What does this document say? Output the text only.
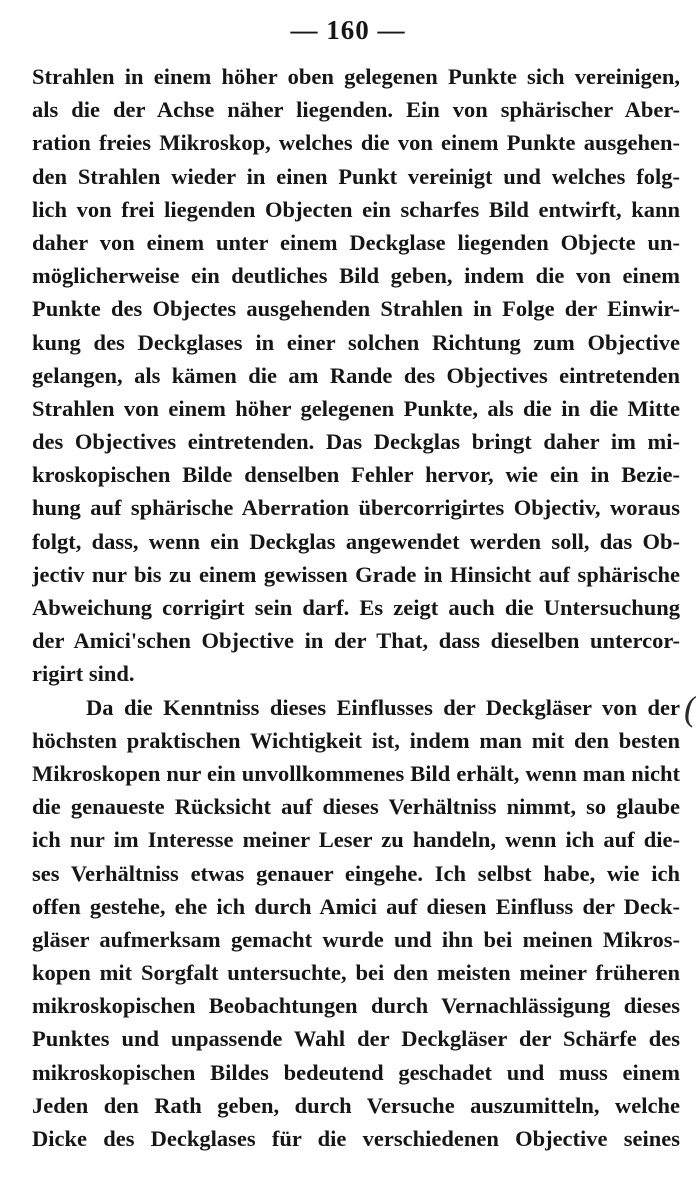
— 160 —
Strahlen in einem höher oben gelegenen Punkte sich vereinigen,
als die der Achse näher liegenden. Ein von sphärischer Aber-
ration freies Mikroskop, welches die von einem Punkte ausgehen-
den Strahlen wieder in einen Punkt vereinigt und welches folg-
lich von frei liegenden Objecten ein scharfes Bild entwirft, kann
daher von einem unter einem Deckglase liegenden Objecte un-
möglicherweise ein deutliches Bild geben, indem die von einem
Punkte des Objectes ausgehenden Strahlen in Folge der Einwir-
kung des Deckglases in einer solchen Richtung zum Objective
gelangen, als kämen die am Rande des Objectives eintretenden
Strahlen von einem höher gelegenen Punkte, als die in die Mitte
des Objectives eintretenden. Das Deckglas bringt daher im mi-
kroskopischen Bilde denselben Fehler hervor, wie ein in Bezie-
hung auf sphärische Aberration übercorrigirtes Objectiv, woraus
folgt, dass, wenn ein Deckglas angewendet werden soll, das Ob-
jectiv nur bis zu einem gewissen Grade in Hinsicht auf sphärische
Abweichung corrigirt sein darf. Es zeigt auch die Untersuchung
der Amici'schen Objective in der That, dass dieselben untercor-
rigirt sind.
Da die Kenntniss dieses Einflusses der Deckgläser von der
höchsten praktischen Wichtigkeit ist, indem man mit den besten
Mikroskopen nur ein unvollkommenes Bild erhält, wenn man nicht
die genaueste Rücksicht auf dieses Verhältniss nimmt, so glaube
ich nur im Interesse meiner Leser zu handeln, wenn ich auf die-
ses Verhältniss etwas genauer eingehe. Ich selbst habe, wie ich
offen gestehe, ehe ich durch Amici auf diesen Einfluss der Deck-
gläser aufmerksam gemacht wurde und ihn bei meinen Mikros-
kopen mit Sorgfalt untersuchte, bei den meisten meiner früheren
mikroskopischen Beobachtungen durch Vernachlässigung dieses
Punktes und unpassende Wahl der Deckgläser der Schärfe des
mikroskopischen Bildes bedeutend geschadet und muss einem
Jeden den Rath geben, durch Versuche auszumitteln, welche
Dicke des Deckglases für die verschiedenen Objective seines
(
